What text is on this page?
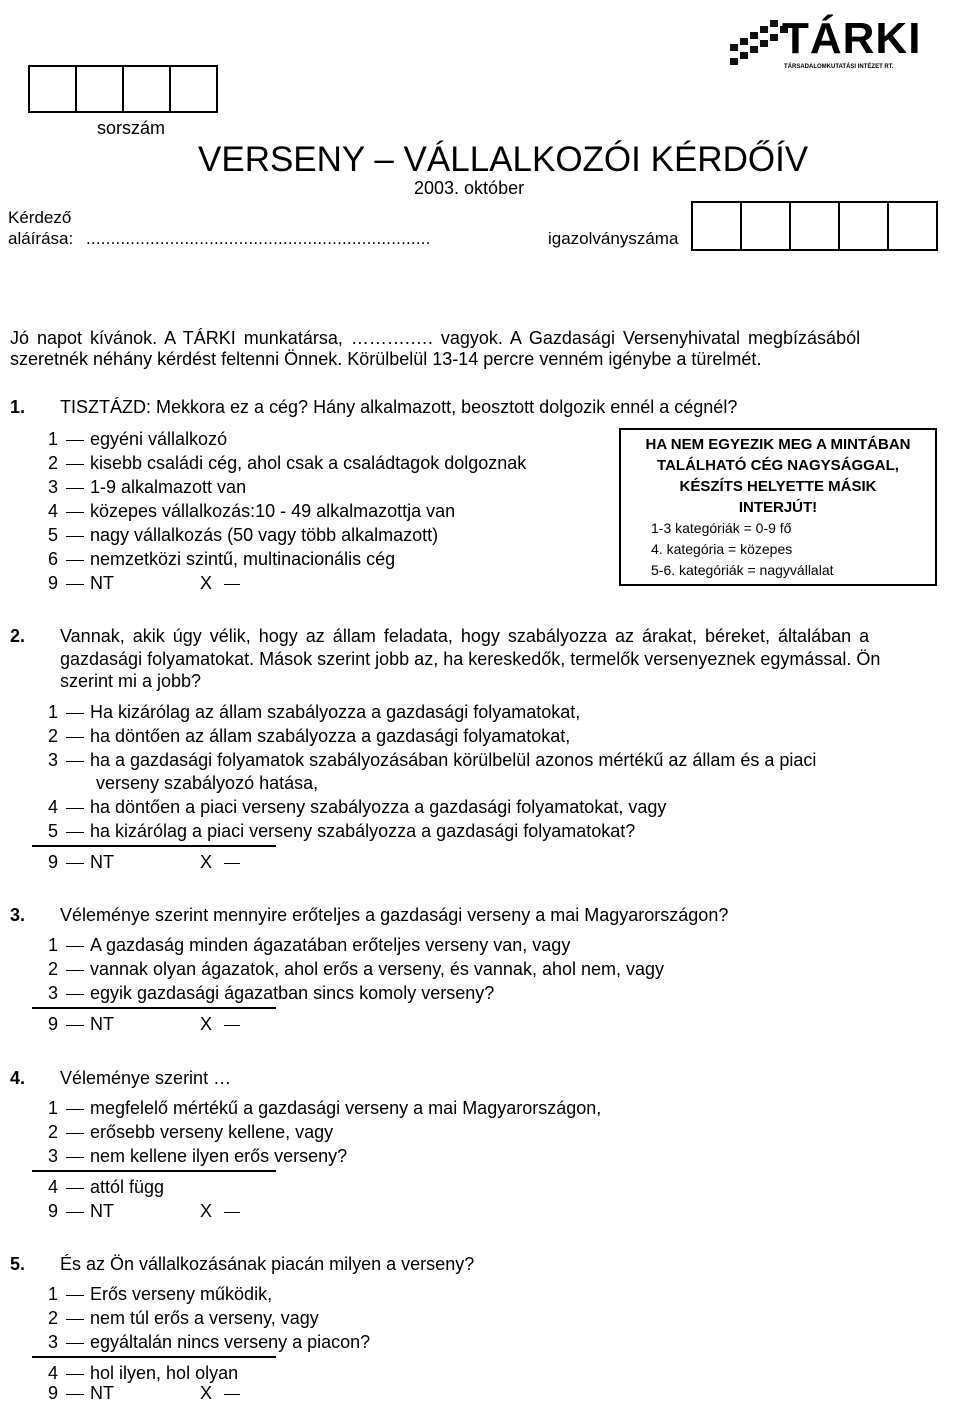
sorszám
TÁRKI
TÁRSADALOMKUTATÁSI INTÉZET RT.
VERSENY – VÁLLALKOZÓI KÉRDŐÍV
2003. október
Kérdező
aláírása: ......................................................................	igazolványszáma
Jó napot kívánok. A TÁRKI munkatársa, ……….…. vagyok. A Gazdasági Versenyhivatal megbízásából
szeretnék néhány kérdést feltenni Önnek. Körülbelül 13-14 percre venném igénybe a türelmét.
1. TISZTÁZD: Mekkora ez a cég? Hány alkalmazott, beosztott dolgozik ennél a cégnél?
1 egyéni vállalkozó
2 kisebb családi cég, ahol csak a családtagok dolgoznak
3 1-9 alkalmazott van
4 közepes vállalkozás:10 - 49 alkalmazottja van
5 nagy vállalkozás (50 vagy több alkalmazott)
6 nemzetközi szintű, multinacionális cég
9 NT	X
HA NEM EGYEZIK MEG A MINTÁBAN
TALÁLHATÓ CÉG NAGYSÁGGAL,
KÉSZÍTS HELYETTE MÁSIK
INTERJÚT!
1-3 kategóriák = 0-9 fő
4. kategória = közepes
5-6. kategóriák = nagyvállalat
2. Vannak, akik úgy vélik, hogy az állam feladata, hogy szabályozza az árakat, béreket, általában a
gazdasági folyamatokat. Mások szerint jobb az, ha kereskedők, termelők versenyeznek egymással. Ön
szerint mi a jobb?
1 Ha kizárólag az állam szabályozza a gazdasági folyamatokat,
2 ha döntően az állam szabályozza a gazdasági folyamatokat,
3 ha a gazdasági folyamatok szabályozásában körülbelül azonos mértékű az állam és a piaci
verseny szabályozó hatása,
4 ha döntően a piaci verseny szabályozza a gazdasági folyamatokat, vagy
5 ha kizárólag a piaci verseny szabályozza a gazdasági folyamatokat?
9 NT	X
3. Véleménye szerint mennyire erőteljes a gazdasági verseny a mai Magyarországon?
1 A gazdaság minden ágazatában erőteljes verseny van, vagy
2 vannak olyan ágazatok, ahol erős a verseny, és vannak, ahol nem, vagy
3 egyik gazdasági ágazatban sincs komoly verseny?
9 NT	X
4. Véleménye szerint …
1 megfelelő mértékű a gazdasági verseny a mai Magyarországon,
2 erősebb verseny kellene, vagy
3 nem kellene ilyen erős verseny?
4 attól függ
9 NT	X
5. És az Ön vállalkozásának piacán milyen a verseny?
1 Erős verseny működik,
2 nem túl erős a verseny, vagy
3 egyáltalán nincs verseny a piacon?
4 hol ilyen, hol olyan
9 NT	X
